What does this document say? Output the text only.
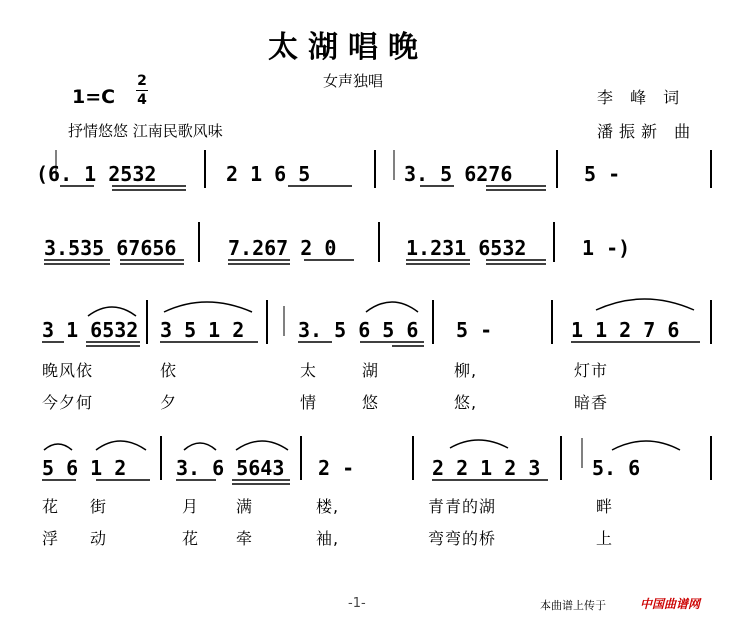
太湖唱晚
女声独唱
1=C
2
4
抒情悠悠 江南民歌风味
李 峰 词
潘振新 曲
(6. 1 2532	2 1 6 5	3. 5 6276	5 -
3.535 67656	7.267 2 0	1.231 6532	1 -)
3 1 6532 3 5 1 2	3. 5 6 5 6 5 -	1 1 2 7 6
晚风依	依	太	湖	柳,	灯市
今夕何	夕	情	悠	悠,	暗香
5 6 1 2 3. 6 5643 2 -	2 2 1 2 3	5. 6
花 街	月 满	楼,	青青的湖	畔
浮 动	花 牵	袖,	弯弯的桥	上
-1-	本曲谱上传于	中国曲谱网
